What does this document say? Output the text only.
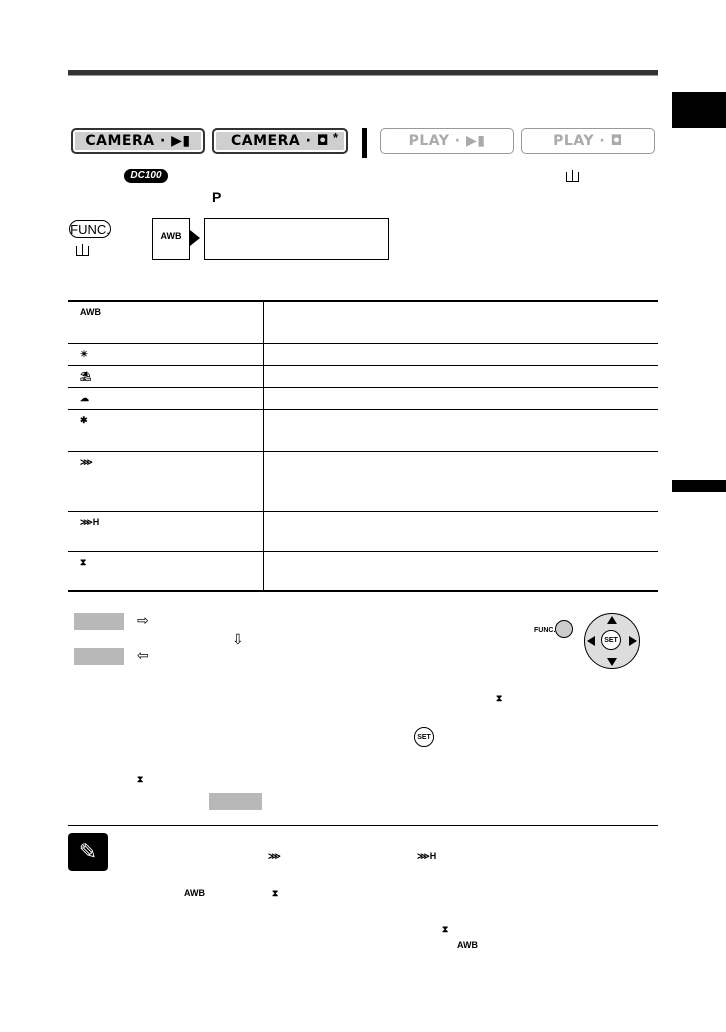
CAMERA · ▶▮	CAMERA · ◘ *	PLAY · ▶▮	PLAY · ◘
DC100
P
FUNC.	AWB
AWB	
☀	
⛱	
☁	
✱	
⋙	
⋙H	
⧗	
⇨
⇩
⇦
FUNC.
SET
⧗
SET
⧗
✎	⋙	⋙H
AWB	⧗
⧗
AWB
